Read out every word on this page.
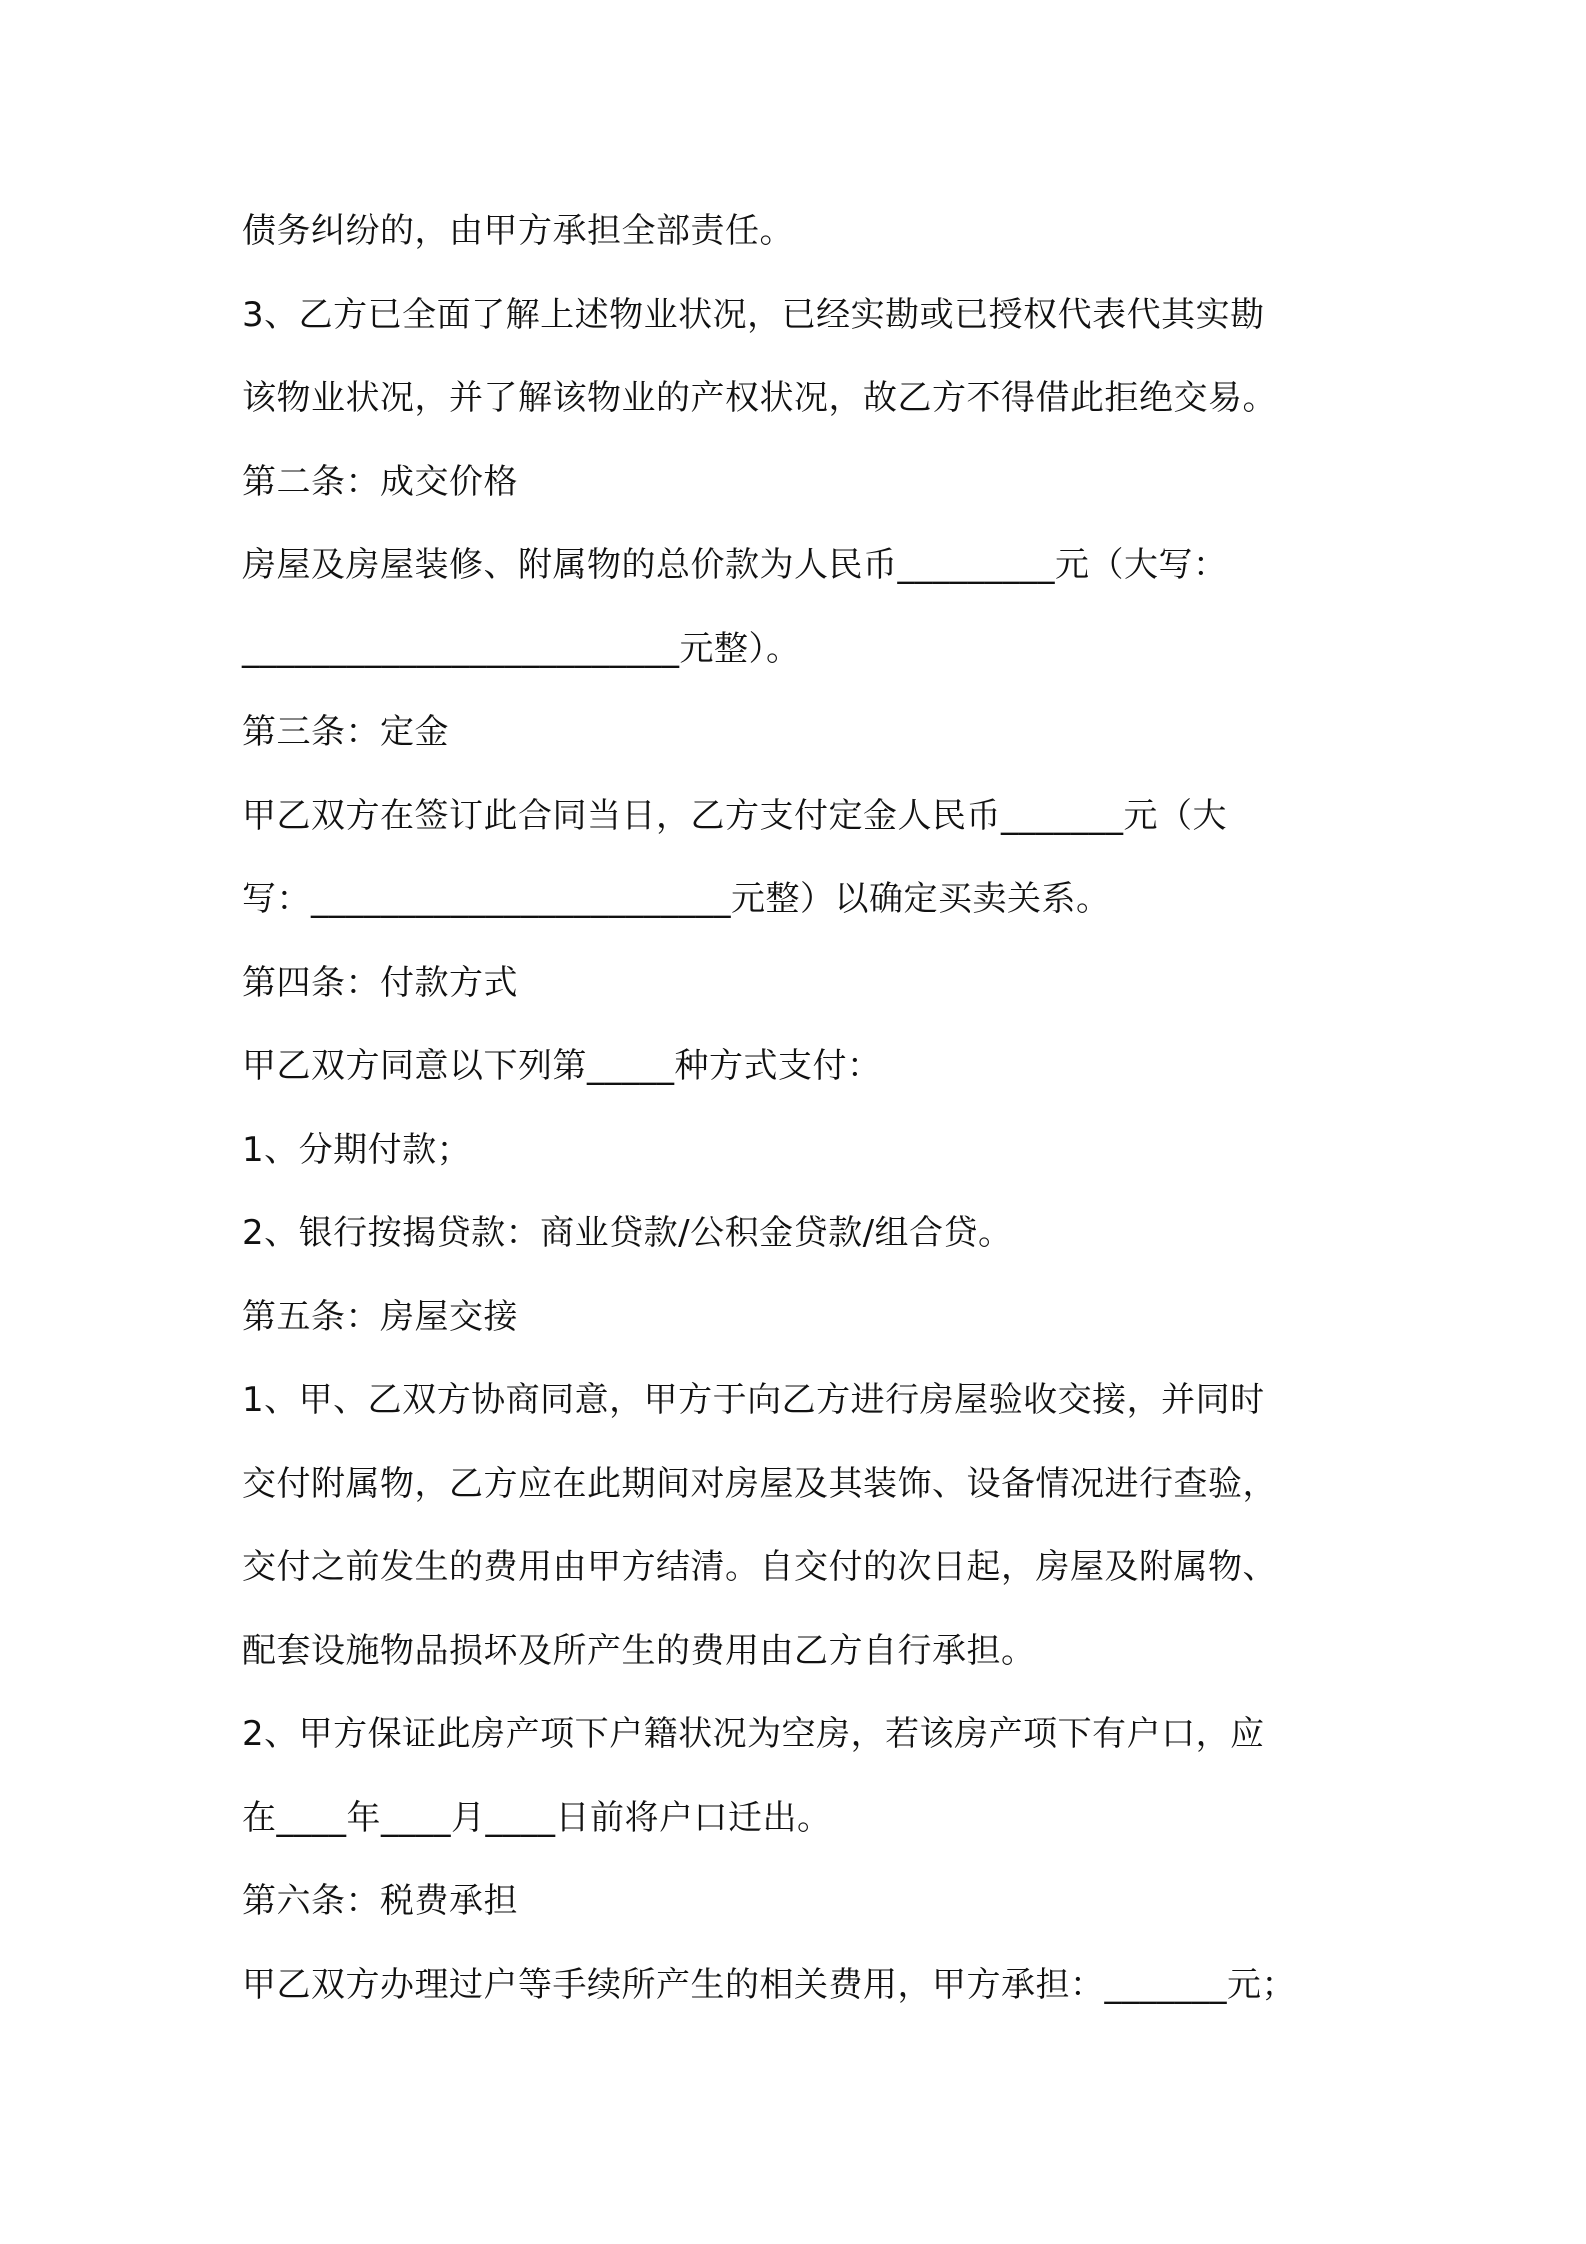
债务纠纷的，由甲方承担全部责任。
3、乙方已全面了解上述物业状况，已经实勘或已授权代表代其实勘
该物业状况，并了解该物业的产权状况，故乙方不得借此拒绝交易。
第二条：成交价格
房屋及房屋装修、附属物的总价款为人民币_________元（大写：
_________________________元整）。
第三条：定金
甲乙双方在签订此合同当日，乙方支付定金人民币_______元（大
写：________________________元整）以确定买卖关系。
第四条：付款方式
甲乙双方同意以下列第_____种方式支付：
1、分期付款；
2、银行按揭贷款：商业贷款/公积金贷款/组合贷。
第五条：房屋交接
1、甲、乙双方协商同意，甲方于向乙方进行房屋验收交接，并同时
交付附属物，乙方应在此期间对房屋及其装饰、设备情况进行查验，
交付之前发生的费用由甲方结清。自交付的次日起，房屋及附属物、
配套设施物品损坏及所产生的费用由乙方自行承担。
2、甲方保证此房产项下户籍状况为空房，若该房产项下有户口，应
在____年____月____日前将户口迁出。
第六条：税费承担
甲乙双方办理过户等手续所产生的相关费用，甲方承担：_______元；
